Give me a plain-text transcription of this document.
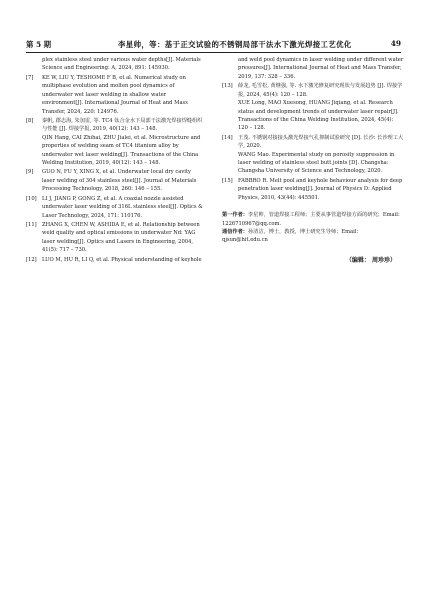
第 5 期	李星帅，等：基于正交试验的不锈钢局部干法水下激光焊接工艺优化	49
plex stainless steel under various water depths[J]. Materials Science and Engineering: A, 2024, 891: 145930.
[7] KE W, LIU Y, TESHOME F B, et al. Numerical study on multiphase evolution and molten pool dynamics of underwater wet laser welding in shallow water environment[J]. International Journal of Heat and Mass Transfer, 2024, 220: 124976.
[8] 秦帆, 郡志海, 朱加雷, 等. TC4 钛合金水下局部干法激光焊接焊缝组织与性能 [J]. 焊接学报, 2019, 40(12): 143 – 148.
QIN Hang, CAI Zhihai, ZHU Jialei, et al. Microstructure and properties of welding seam of TC4 titanium alloy by underwater wet laser welding[J]. Transactions of the China Welding Institution, 2019, 40(12): 143 – 148.
[9] GUO N, FU Y, XING X, et al. Underwater local dry cavity laser welding of 304 stainless steel[J]. Journal of Materials Processing Technology, 2018, 260: 146 – 155.
[10] LI J, JIANG P, GONG Z, et al. A coaxial nozzle assisted underwater laser welding of 316L stainless steel[J]. Optics & Laser Technology, 2024, 171: 110176.
[11] ZHANG X, CHEN W, ASHIDA E, et al. Relationship between weld quality and optical emissions in underwater Nd: YAG laser welding[J]. Optics and Lasers in Engineering, 2004, 41(5): 717 – 730.
[12] LUO M, HU R, LI Q, et al. Physical understanding of keyhole
and weld pool dynamics in laser welding under different water pressures[J]. International Journal of Heat and Mass Transfer, 2019, 137: 328 – 336.
[13] 薛龙, 毛雪松, 黄继强, 等. 水下激光修复研究现状与发展趋势 [J]. 焊接学报, 2024, 45(4): 120 – 128.
XUE Long, MAO Xuesong, HUANG Jiqiang, et al. Research status and development trends of underwater laser repair[J]. Transactions of the China Welding Institution, 2024, 45(4): 120 – 128.
[14] 王茂. 不锈钢对接接头激光焊接气孔抑制试验研究 [D]. 长沙: 长沙理工大学, 2020.
WANG Mao. Experimental study on porosity suppression in laser welding of stainless steel butt joints [D]. Changsha: Changsha University of Science and Technology, 2020.
[15] FABBRO R. Melt pool and keyhole behaviour analysis for deep penetration laser welding[J]. Journal of Physics D: Applied Physics, 2010, 43(44): 445501.
第一作者：李星帅，管道焊接工程师；主要从事管道焊接方面的研究；Email: 1226710967@qq.com.
通信作者：孙清洁，博士，教授，博士研究生导师；Email: qjsun@hit.edu.cn
（编辑： 周珍珍）
